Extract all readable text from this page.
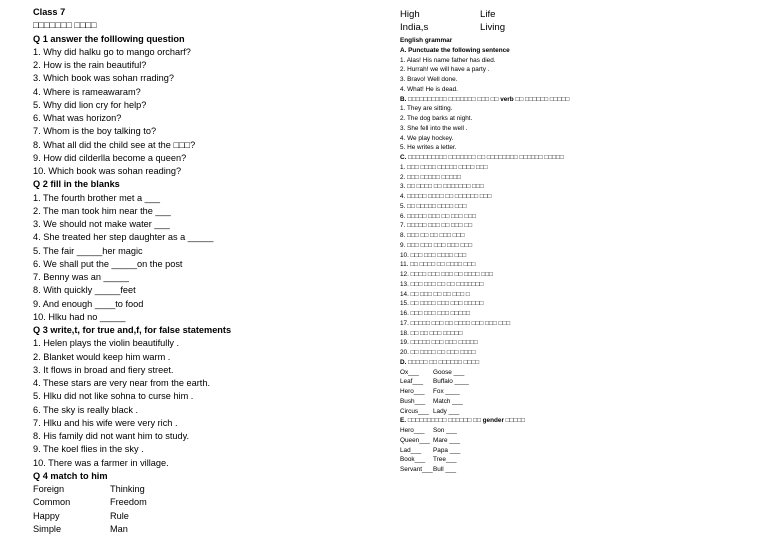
Class 7
□□□□□□□ □□□□
Q 1 answer the folllowing question
1. Why did halku go to mango orcharf?
2. How is the rain beautiful?
3. Which book was sohan rrading?
4. Where is rameawaram?
5. Why did lion cry for help?
6. What was horizon?
7. Whom is the boy talking to?
8. What all did the child see at the □□□?
9. How did cilderlla become a queen?
10. Which book was sohan reading?
Q 2 fill in the blanks
1. The fourth brother met a ___
2. The man took him near the ___
3. We should not make water ___
4. She treated her step daughter as a _____
5. The fair _____her magic
6. We shall put the _____on the post
7. Benny was an _____
8. With quickly _____feet
9. And enough ____to food
10. Hlku had no _____
Q 3 write,t, for true and,f, for false statements
1. Helen plays the violin beautifully .
2. Blanket would keep him warm .
3. It flows in broad and fiery street.
4. These stars are very near from the earth.
5. Hlku did not like sohna to curse him .
6. The sky is really black .
7. Hlku and his wife were very rich .
8. His family did not want him to study.
9. The koel flies in the sky .
10. There was a farmer in village.
Q 4 match to him
Foreign	Thinking
Common	Freedom
Happy	Rule
Simple	Man
High	Life
India,s	Living
English grammar
A. Punctuate the following sentence
1. Alas! His name father has died.
2. Hurrah! we will have a party .
3. Bravo! Well done.
4. What! He is dead.
B. □□□□□□□□□□ □□□□□□□ □□□ □□ verb □□ □□□□□□ □□□□□
1. They are sitting.
2. The dog barks at night.
3. She fell into the well .
4. We play hockey.
5. He writes a letter.
C. □□□□□□□□□□ □□□□□□□ □□ □□□□□□□□ □□□□□□ □□□□□
1. □□□ □□□□ □□□□□ □□□□ □□□
2. □□□ □□□□□ □□□□□
3. □□ □□□□ □□ □□□□□□□ □□□
4. □□□□□ □□□□ □□ □□□□□□ □□□
5. □□ □□□□□ □□□□ □□□
6. □□□□□ □□□ □□ □□□ □□□
7. □□□□□ □□□ □□ □□□ □□
8. □□□ □□ □□ □□□ □□□
9. □□□ □□□ □□□ □□□ □□□
10. □□□ □□□ □□□□ □□□
11. □□ □□□□ □□ □□□□ □□□
12. □□□□ □□□ □□□ □□ □□□□ □□□
13. □□□ □□□ □□ □□ □□□□□□□
14. □□ □□□ □□ □□ □□□ □
15. □□ □□□□ □□□ □□□ □□□□□
16. □□□ □□□ □□□ □□□□□
17. □□□□□ □□□ □□ □□□□ □□□ □□□ □□□
18. □□ □□ □□□ □□□□□
19. □□□□□ □□□ □□□ □□□□□
20. □□ □□□□ □□ □□□ □□□□
D. □□□□□ □□ □□□□□□ □□□□
Ox___	Goose ___
Leaf___	Buffalo ____
Hero___	Fox ____
Bush___	Match ___
Circus___ Lady ___
E. □□□□□□□□□□ □□□□□□ □□ gender □□□□□
Hero___	Son ___
Queen___ Mare ___
Lad___	Papa ___
Book___	Tree___
Servant___ Bull ___
